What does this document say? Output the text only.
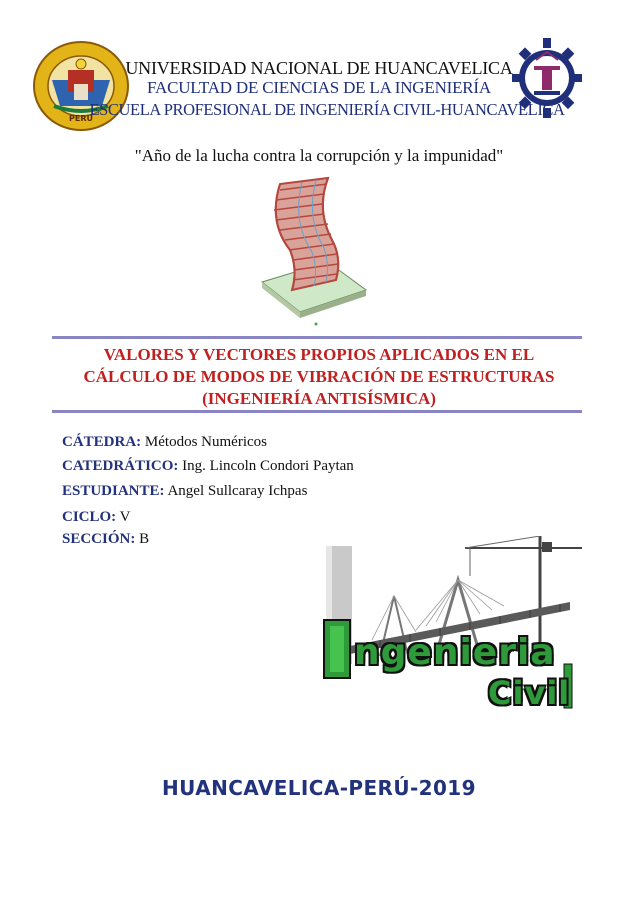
PERU
UNIVERSIDAD NACIONAL DE HUANCAVELICA
FACULTAD DE CIENCIAS DE LA INGENIERÍA
ESCUELA PROFESIONAL DE INGENIERÍA CIVIL-HUANCAVELICA
"Año de la lucha contra la corrupción y la impunidad"
VALORES Y VECTORES PROPIOS APLICADOS EN EL
CÁLCULO DE MODOS DE VIBRACIÓN DE ESTRUCTURAS
(INGENIERÍA ANTISÍSMICA)
CÁTEDRA: Métodos Numéricos
CATEDRÁTICO: Ing. Lincoln Condori Paytan
ESTUDIANTE: Angel Sullcaray Ichpas
CICLO: V
SECCIÓN: B
ngenieria
Civil
HUANCAVELICA-PERÚ-2019
